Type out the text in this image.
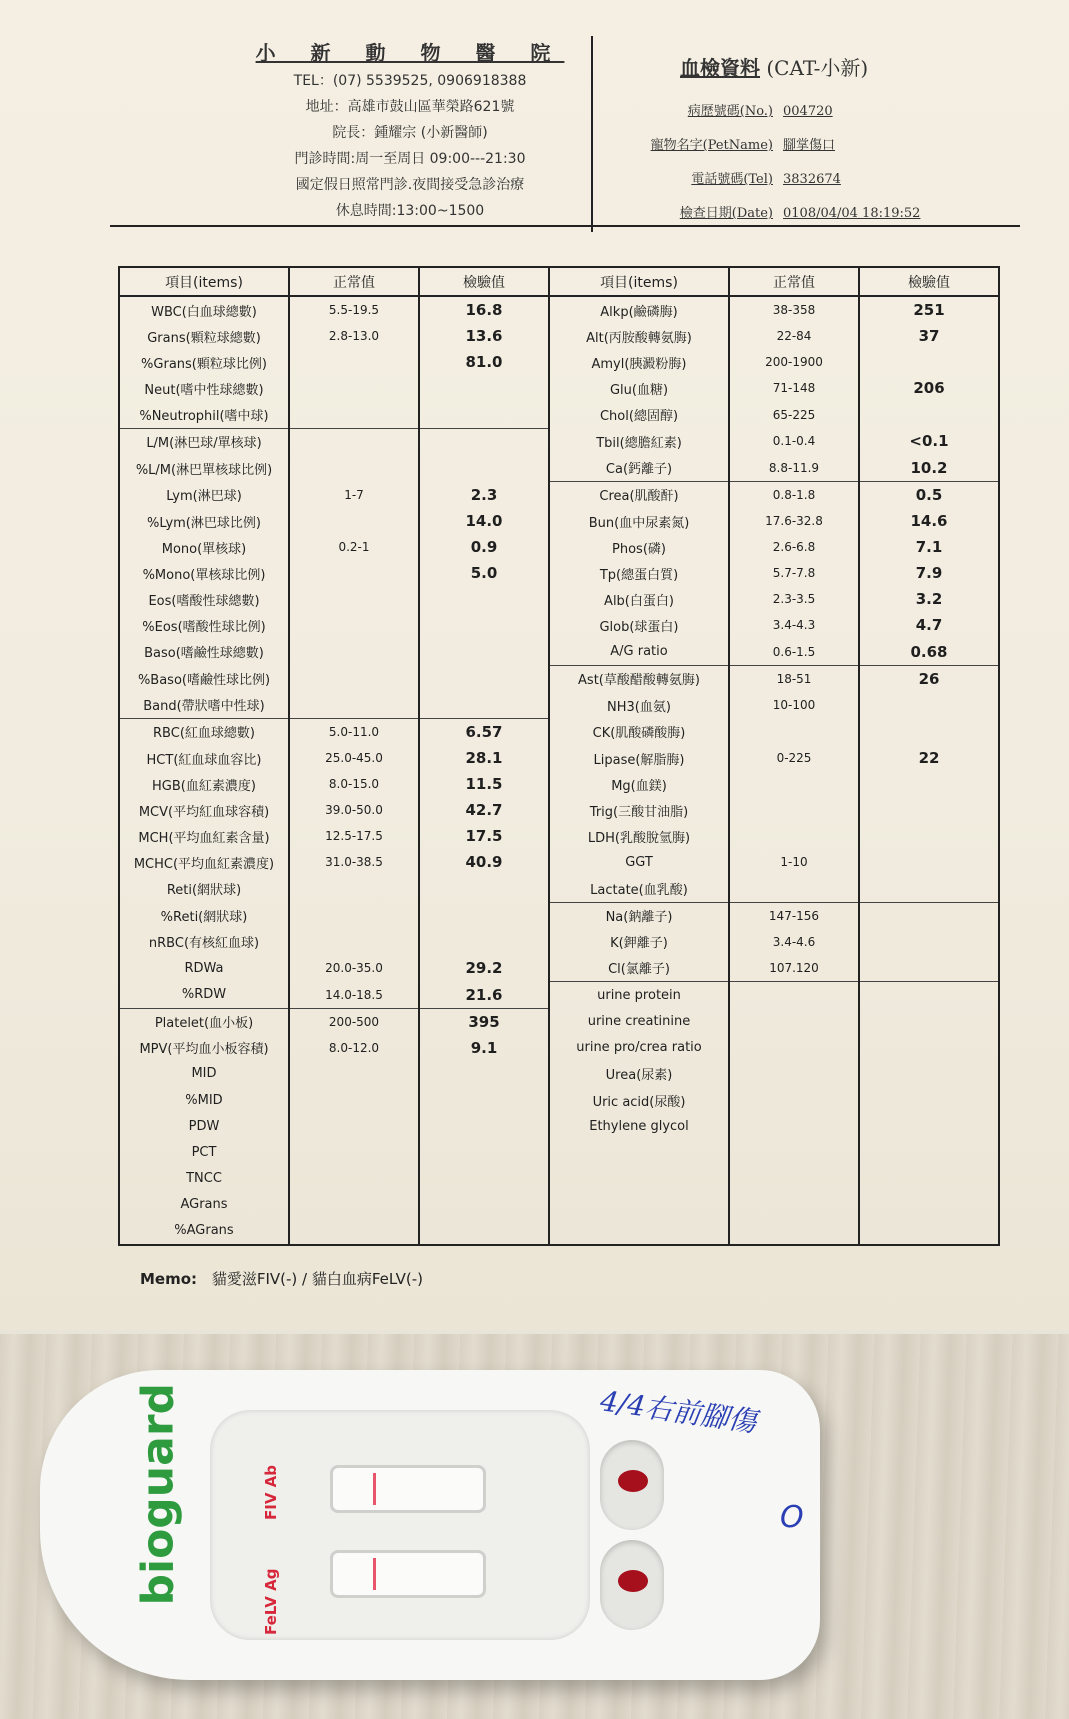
小 新 動 物 醫 院
TEL：(07) 5539525, 0906918388
地址：高雄市鼓山區華榮路621號
院長：鍾耀宗 (小新醫師)
門診時間:周一至周日 09:00---21:30
國定假日照常門診.夜間接受急診治療
休息時間:13:00~1500
血檢資料 (CAT-小新)
病歷號碼(No.) 004720
寵物名字(PetName) 腳掌傷口
電話號碼(Tel) 3832674
檢查日期(Date) 0108/04/04 18:19:52
項目(items)	正常值	檢驗值	項目(items)	正常值	檢驗值
WBC(白血球總數)	5.5-19.5	16.8	Alkp(鹼磷脢)	38-358	251
Grans(顆粒球總數)	2.8-13.0	13.6	Alt(丙胺酸轉氨脢)	22-84	37
%Grans(顆粒球比例)		81.0	Amyl(胰澱粉脢)	200-1900	
Neut(嗜中性球總數)			Glu(血糖)	71-148	206
%Neutrophil(嗜中球)			Chol(總固醇)	65-225	
L/M(淋巴球/單核球)			Tbil(總膽紅素)	0.1-0.4	<0.1
%L/M(淋巴單核球比例)			Ca(鈣離子)	8.8-11.9	10.2
Lym(淋巴球)	1-7	2.3	Crea(肌酸酐)	0.8-1.8	0.5
%Lym(淋巴球比例)		14.0	Bun(血中尿素氮)	17.6-32.8	14.6
Mono(單核球)	0.2-1	0.9	Phos(磷)	2.6-6.8	7.1
%Mono(單核球比例)		5.0	Tp(總蛋白質)	5.7-7.8	7.9
Eos(嗜酸性球總數)			Alb(白蛋白)	2.3-3.5	3.2
%Eos(嗜酸性球比例)			Glob(球蛋白)	3.4-4.3	4.7
Baso(嗜鹼性球總數)			A/G ratio	0.6-1.5	0.68
%Baso(嗜鹼性球比例)			Ast(草酸醋酸轉氨脢)	18-51	26
Band(帶狀嗜中性球)			NH3(血氨)	10-100	
RBC(紅血球總數)	5.0-11.0	6.57	CK(肌酸磷酸脢)		
HCT(紅血球血容比)	25.0-45.0	28.1	Lipase(解脂脢)	0-225	22
HGB(血紅素濃度)	8.0-15.0	11.5	Mg(血鎂)		
MCV(平均紅血球容積)	39.0-50.0	42.7	Trig(三酸甘油脂)		
MCH(平均血紅素含量)	12.5-17.5	17.5	LDH(乳酸脫氫脢)		
MCHC(平均血紅素濃度)	31.0-38.5	40.9	GGT	1-10	
Reti(網狀球)			Lactate(血乳酸)		
%Reti(網狀球)			Na(鈉離子)	147-156	
nRBC(有核紅血球)			K(鉀離子)	3.4-4.6	
RDWa	20.0-35.0	29.2	Cl(氯離子)	107.120	
%RDW	14.0-18.5	21.6	urine protein		
Platelet(血小板)	200-500	395	urine creatinine		
MPV(平均血小板容積)	8.0-12.0	9.1	urine pro/crea ratio		
MID			Urea(尿素)		
%MID			Uric acid(尿酸)		
PDW			Ethylene glycol		
PCT					
TNCC					
AGrans					
%AGrans					
Memo: 貓愛滋FIV(-) / 貓白血病FeLV(-)
bioguard	FIV Ab
FeLV Ag
4/4右前腳傷
O
